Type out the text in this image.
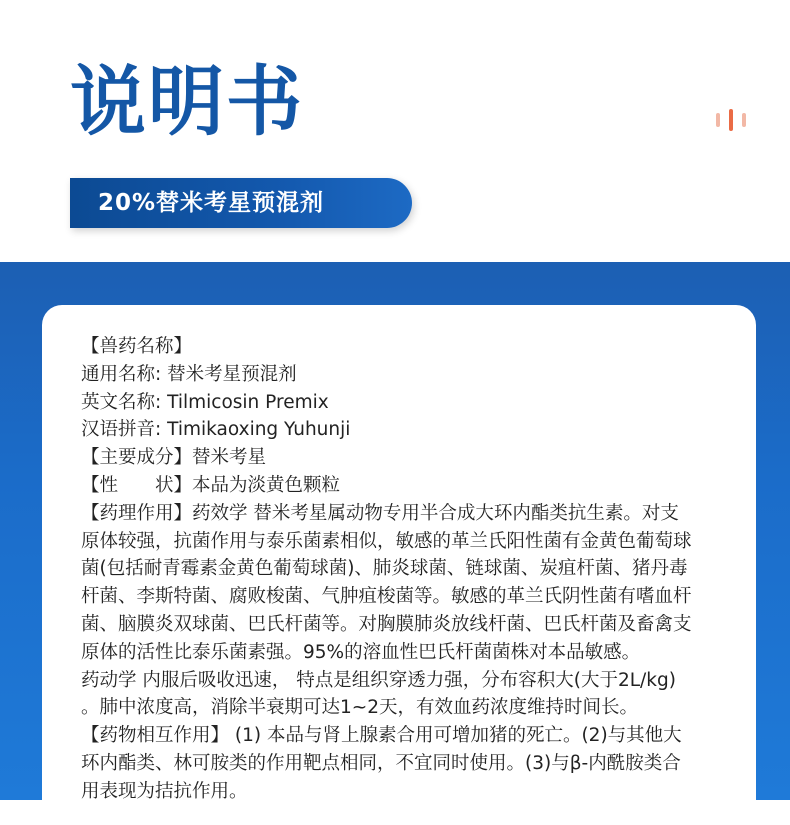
说明书
20%替米考星预混剂
【兽药名称】
通用名称: 替米考星预混剂
英文名称: Tilmicosin Premix
汉语拼音: Timikaoxing Yuhunji
【主要成分】替米考星
【性　　状】本品为淡黄色颗粒
【药理作用】药效学 替米考星属动物专用半合成大环内酯类抗生素。对支
原体较强，抗菌作用与泰乐菌素相似，敏感的革兰氏阳性菌有金黄色葡萄球
菌(包括耐青霉素金黄色葡萄球菌)、肺炎球菌、链球菌、炭疽杆菌、猪丹毒
杆菌、李斯特菌、腐败梭菌、气肿疽梭菌等。敏感的革兰氏阴性菌有嗜血杆
菌、脑膜炎双球菌、巴氏杆菌等。对胸膜肺炎放线杆菌、巴氏杆菌及畜禽支
原体的活性比泰乐菌素强。95%的溶血性巴氏杆菌菌株对本品敏感。
药动学 内服后吸收迅速， 特点是组织穿透力强，分布容积大(大于2L/kg)
。肺中浓度高，消除半衰期可达1~2天，有效血药浓度维持时间长。
【药物相互作用】 (1) 本品与肾上腺素合用可增加猪的死亡。(2)与其他大
环内酯类、林可胺类的作用靶点相同，不宜同时使用。(3)与β-内酰胺类合
用表现为拮抗作用。
